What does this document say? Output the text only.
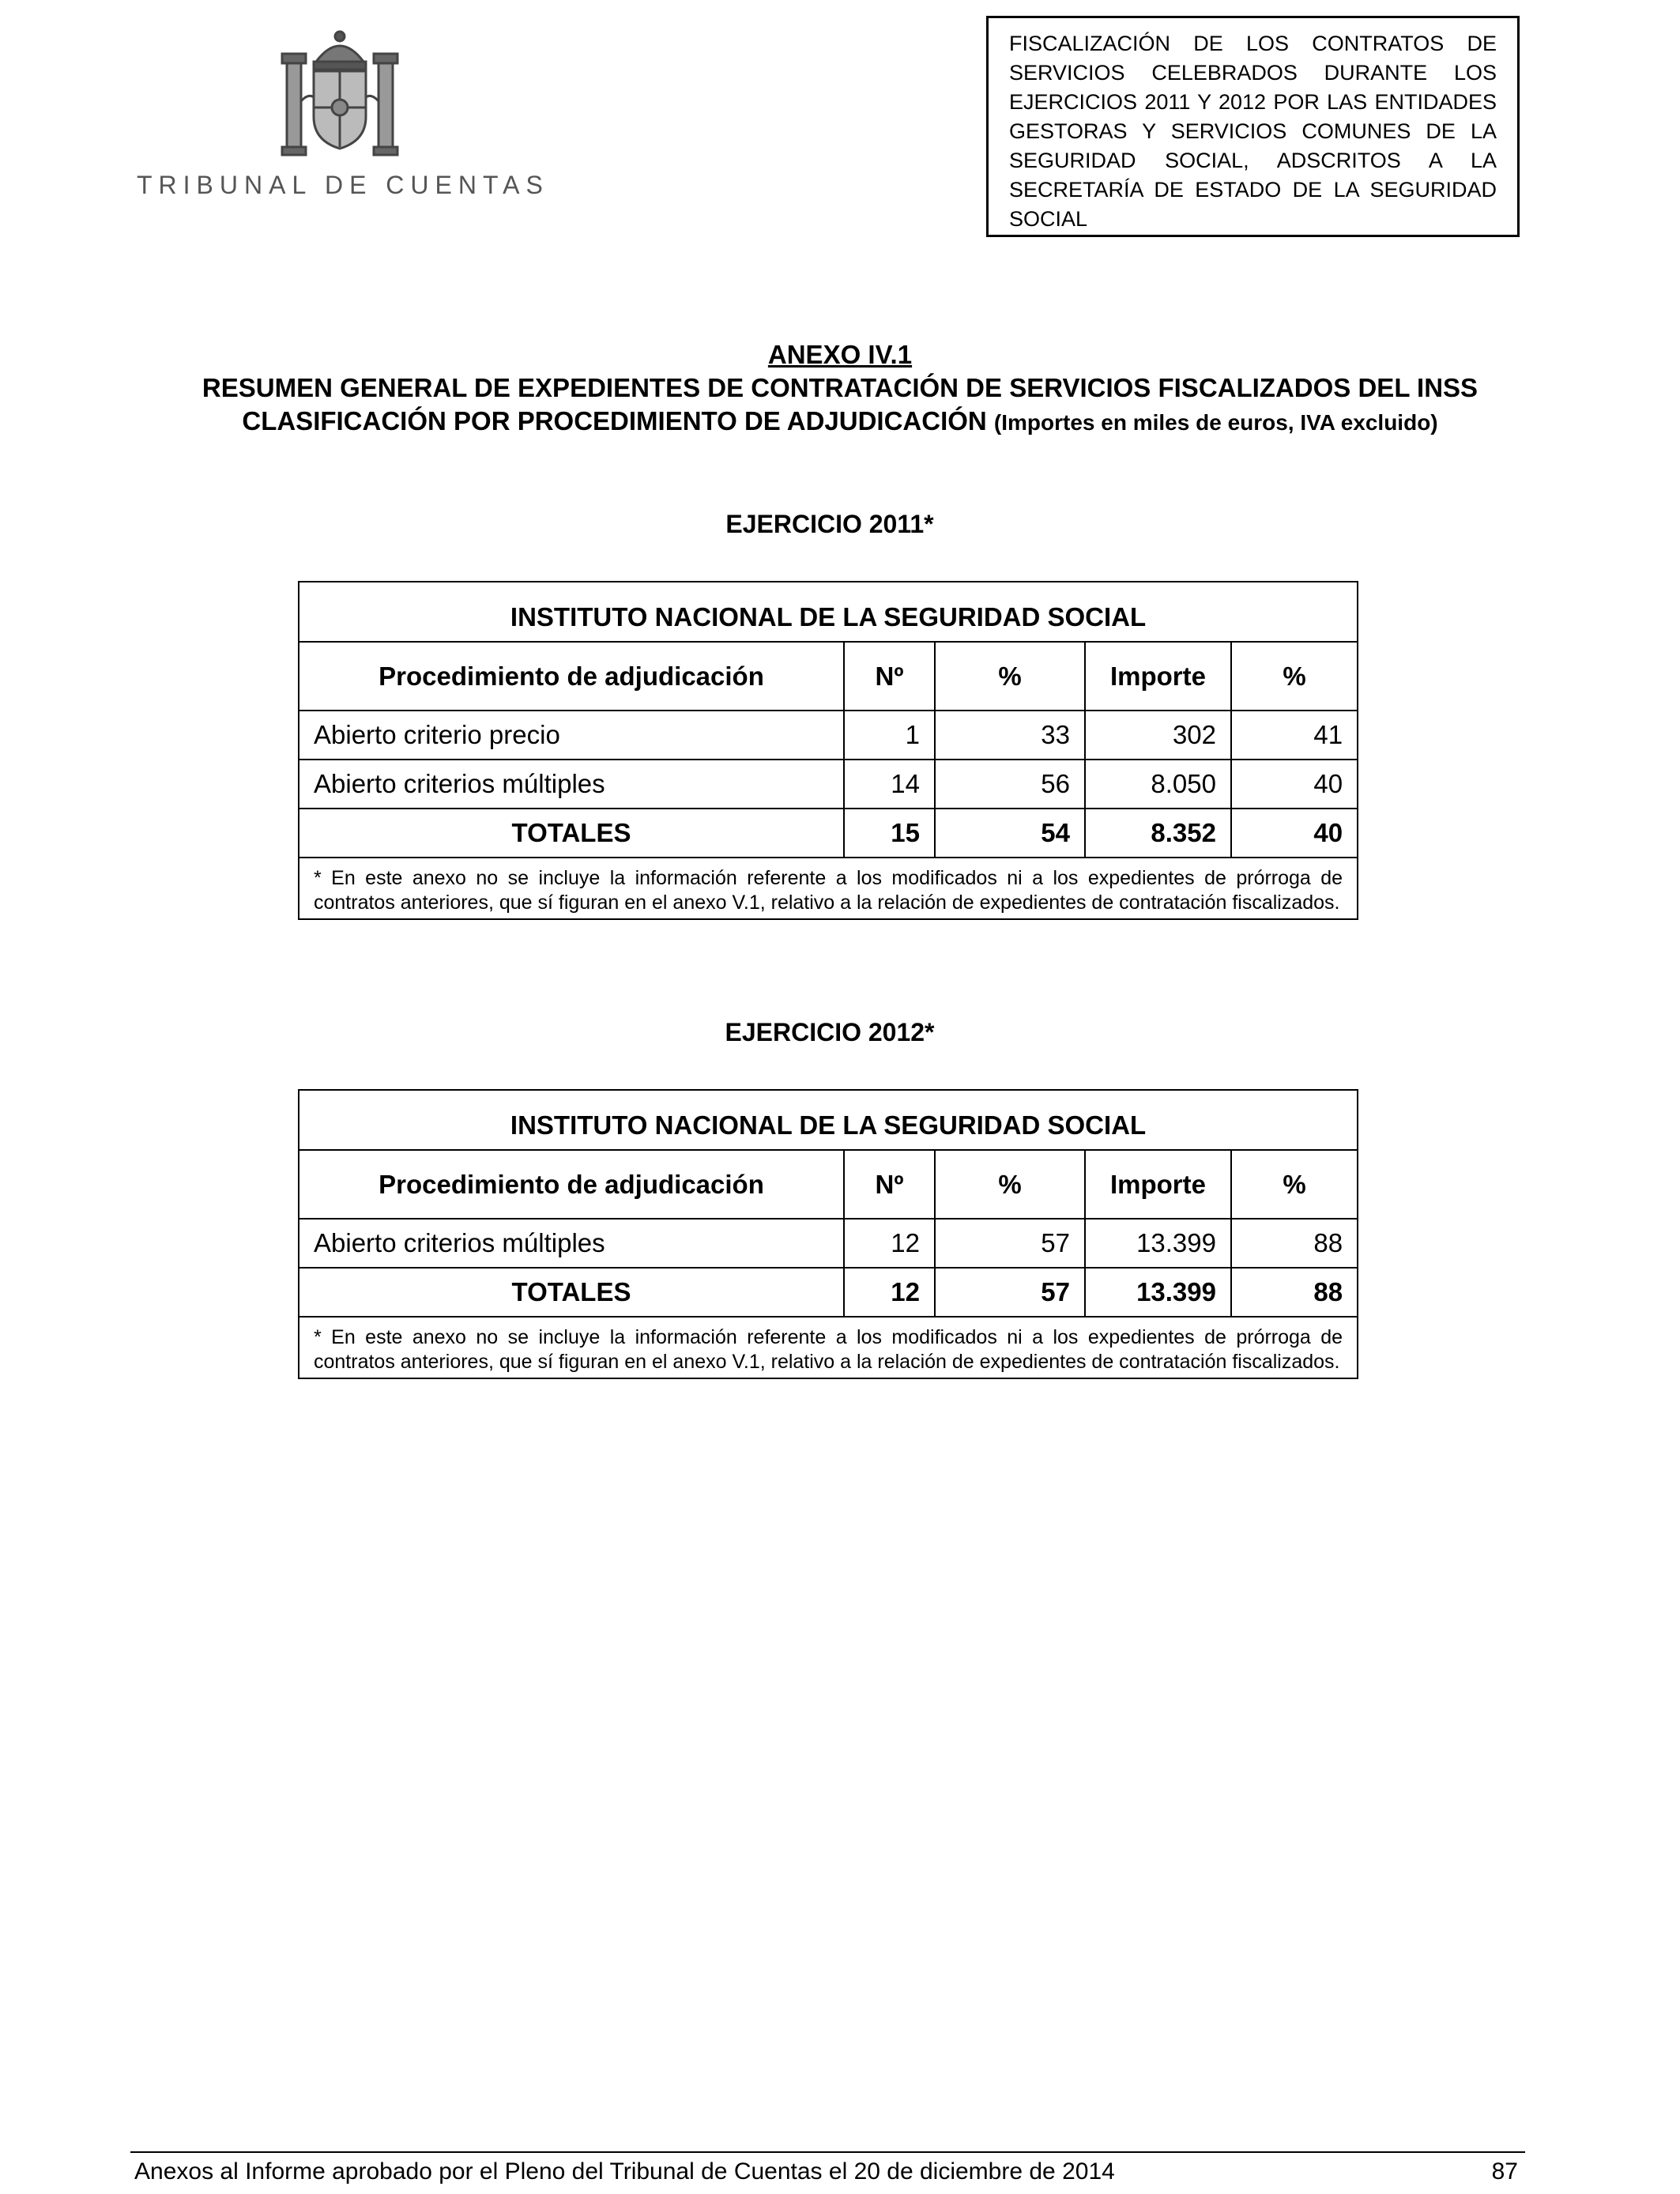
TRIBUNAL DE CUENTAS
FISCALIZACIÓN DE LOS CONTRATOS DE
SERVICIOS CELEBRADOS DURANTE LOS
EJERCICIOS 2011 Y 2012 POR LAS ENTIDADES
GESTORAS Y SERVICIOS COMUNES DE LA
SEGURIDAD SOCIAL, ADSCRITOS A LA
SECRETARÍA DE ESTADO DE LA SEGURIDAD
SOCIAL
ANEXO IV.1
RESUMEN GENERAL DE EXPEDIENTES DE CONTRATACIÓN DE SERVICIOS FISCALIZADOS DEL INSS
CLASIFICACIÓN POR PROCEDIMIENTO DE ADJUDICACIÓN (Importes en miles de euros, IVA excluido)
EJERCICIO 2011*
INSTITUTO NACIONAL DE LA SEGURIDAD SOCIAL				
Procedimiento de adjudicación	Nº	%	Importe	%
Abierto criterio precio	1	33	302	41
Abierto criterios múltiples	14	56	8.050	40
TOTALES	15	54	8.352	40
* En este anexo no se incluye la información referente a los modificados ni a los expedientes de prórroga de contratos anteriores, que sí figuran en el anexo V.1, relativo a la relación de expedientes de contratación fiscalizados.				
EJERCICIO 2012*
INSTITUTO NACIONAL DE LA SEGURIDAD SOCIAL				
Procedimiento de adjudicación	Nº	%	Importe	%
Abierto criterios múltiples	12	57	13.399	88
TOTALES	12	57	13.399	88
* En este anexo no se incluye la información referente a los modificados ni a los expedientes de prórroga de contratos anteriores, que sí figuran en el anexo V.1, relativo a la relación de expedientes de contratación fiscalizados.				
Anexos al Informe aprobado por el Pleno del Tribunal de Cuentas el 20 de diciembre de 2014	87
